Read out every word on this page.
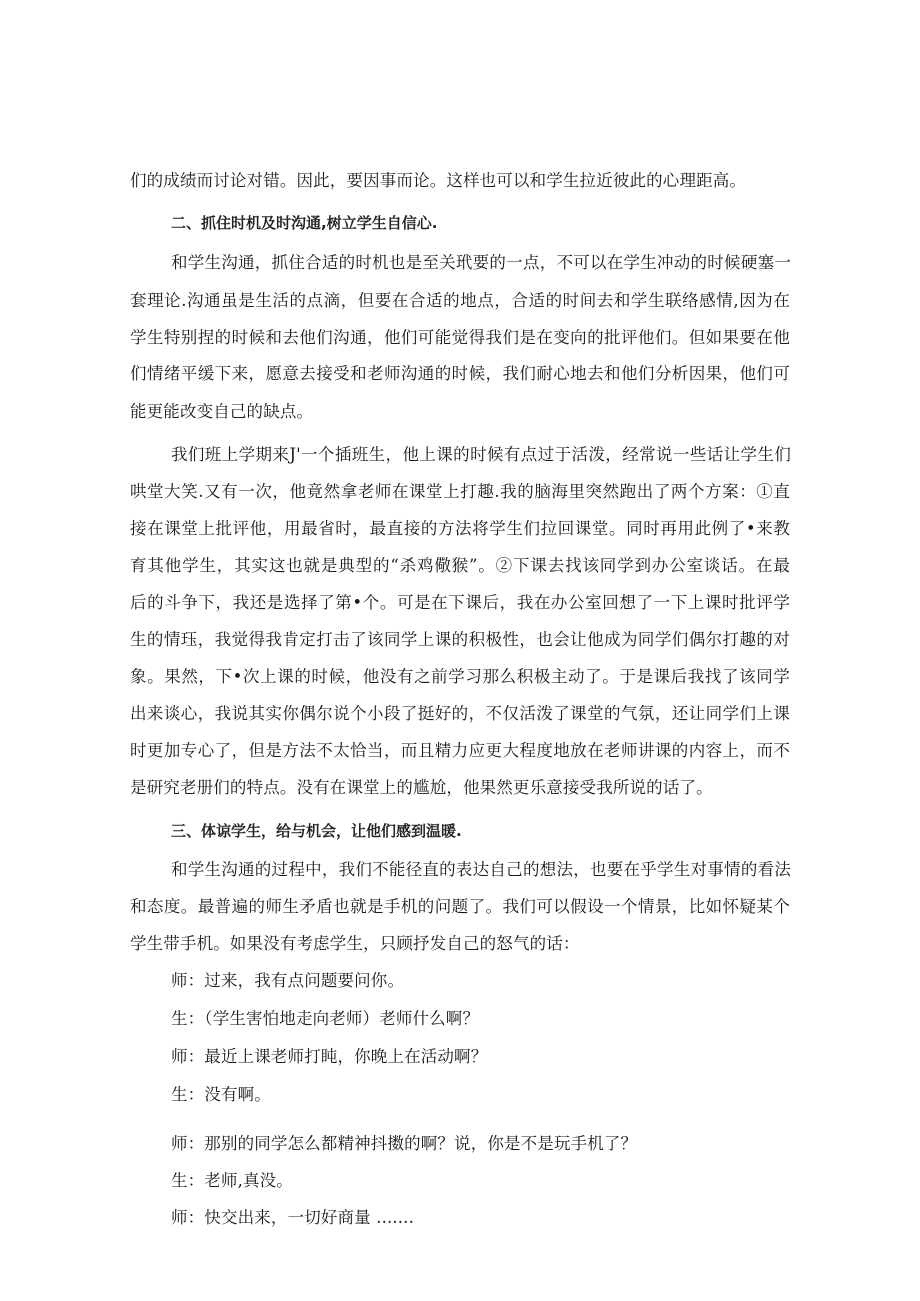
们的成绩而讨论对错。因此，要因事而论。这样也可以和学生拉近彼此的心理距高。
二、抓住时机及时沟通,树立学生自信心.
和学生沟通，抓住合适的时机也是至关玳要的一点，不可以在学生冲动的时候硬塞一
套理论.沟通虽是生活的点滴，但要在合适的地点，合适的时间去和学生联络感情,因为在
学生特别捏的时候和去他们沟通，他们可能觉得我们是在变向的批评他们。但如果要在他
们情绪平缓下来，愿意去接受和老师沟通的时候，我们耐心地去和他们分析因果，他们可
能更能改变自己的缺点。
我们班上学期来J'一个插班生，他上课的时候有点过于活泼，经常说一些话让学生们
哄堂大笑.又有一次，他竟然拿老师在课堂上打趣.我的脑海里突然跑出了两个方案：①直
接在课堂上批评他，用最省时，最直接的方法将学生们拉回课堂。同时再用此例了•来教
育其他学生，其实这也就是典型的“杀鸡儆猴”。②下课去找该同学到办公室谈话。在最
后的斗争下，我还是选择了第•个。可是在下课后，我在办公室回想了一下上课时批评学
生的情珏，我觉得我肯定打击了该同学上课的积极性，也会让他成为同学们偶尔打趣的对
象。果然，下•次上课的时候，他没有之前学习那么积极主动了。于是课后我找了该同学
出来谈心，我说其实你偶尔说个小段了挺好的，不仅活泼了课堂的气氛，还让同学们上课
时更加专心了，但是方法不太恰当，而且精力应更大程度地放在老师讲课的内容上，而不
是研究老册们的特点。没有在课堂上的尴尬，他果然更乐意接受我所说的话了。
三、体谅学生，给与机会，让他们感到温暖.
和学生沟通的过程中，我们不能径直的表达自己的想法，也要在乎学生对事情的看法
和态度。最普遍的师生矛盾也就是手机的问题了。我们可以假设一个情景，比如怀疑某个
学生带手机。如果没有考虑学生，只顾抒发自己的怒气的话：
师：过来，我有点问题要问你。
生：（学生害怕地走向老师）老师什么啊？
师：最近上课老师打盹，你晚上在活动啊？
生：没有啊。
师：那别的同学怎么都精神抖擞的啊？说，你是不是玩手机了？
生：老师,真没。
师：快交出来，一切好商量 .......
